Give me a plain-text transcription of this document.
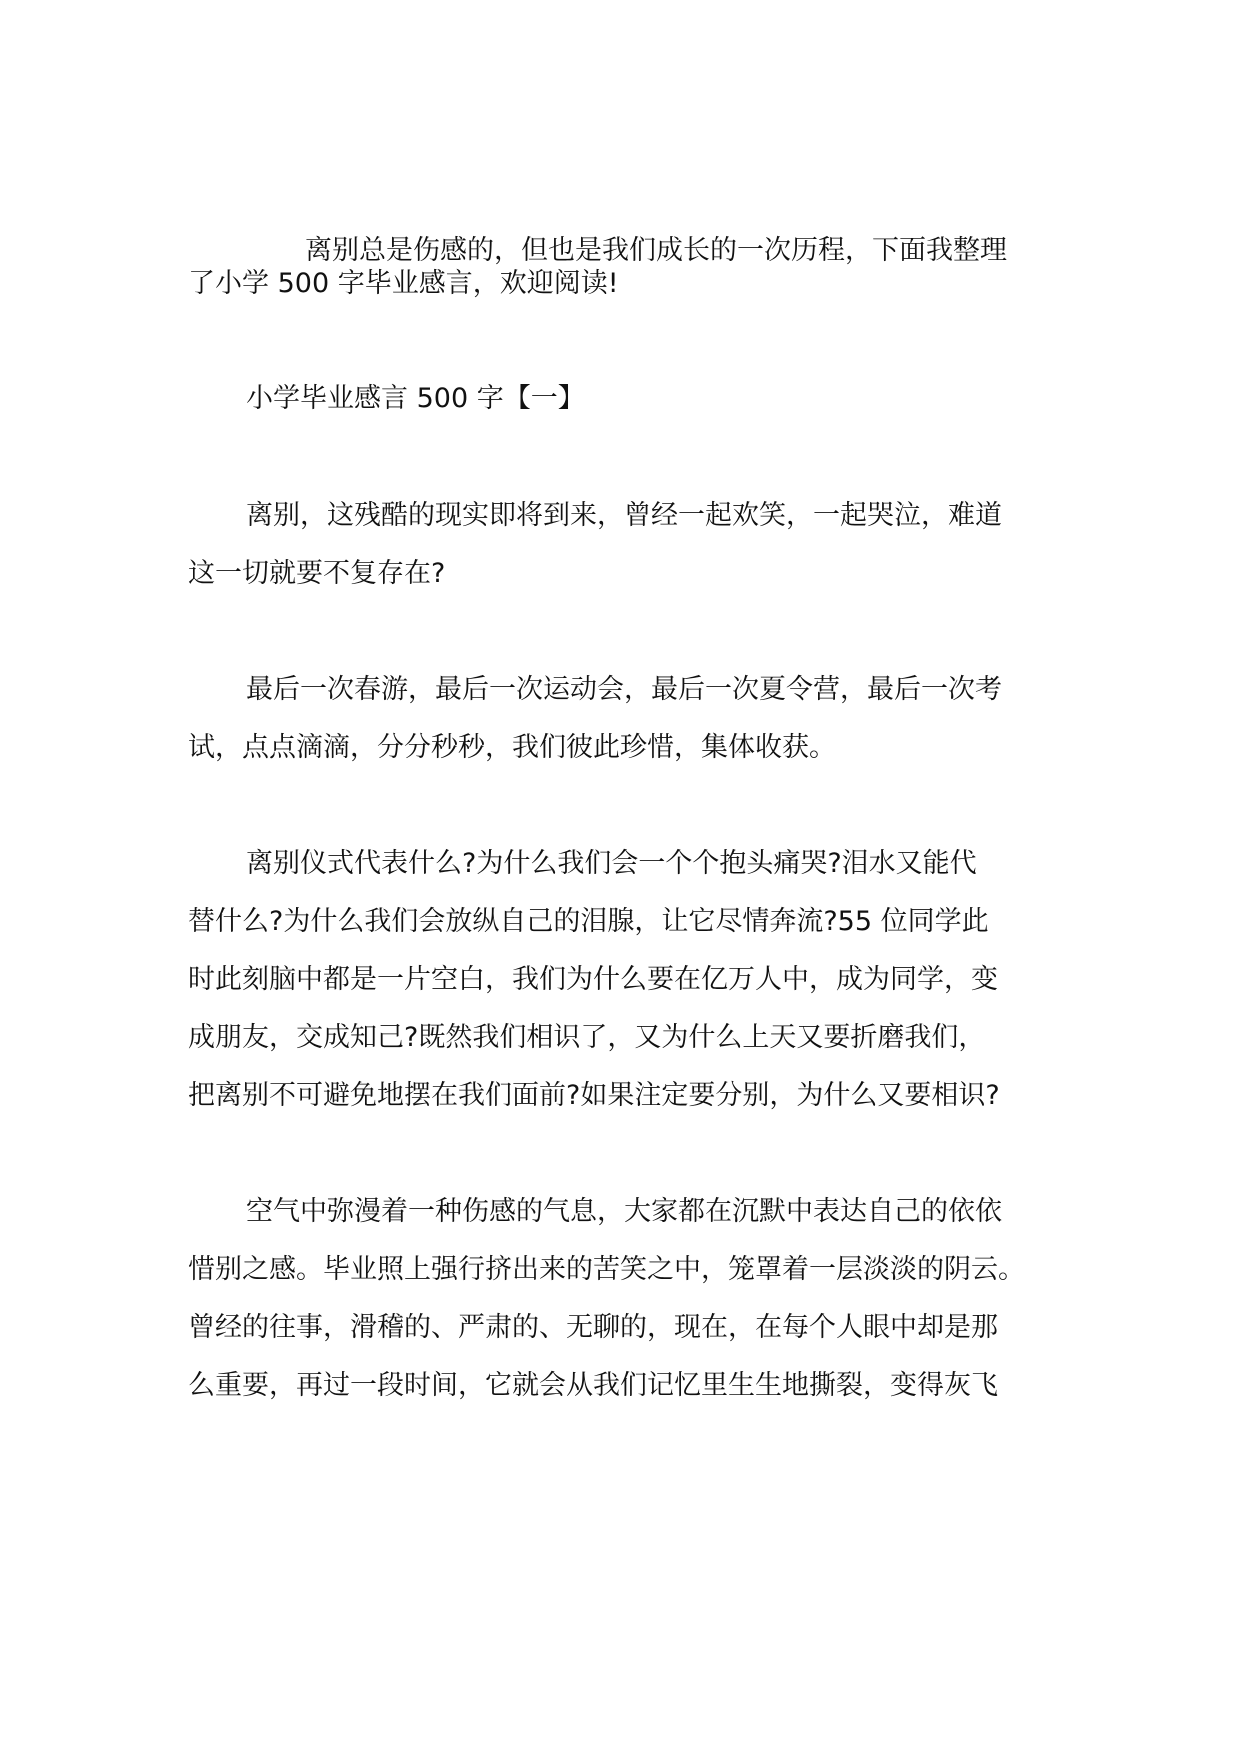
离别总是伤感的，但也是我们成长的一次历程，下面我整理
了小学 500 字毕业感言，欢迎阅读!
小学毕业感言 500 字【一】
离别，这残酷的现实即将到来，曾经一起欢笑，一起哭泣，难道
这一切就要不复存在?
最后一次春游，最后一次运动会，最后一次夏令营，最后一次考
试，点点滴滴，分分秒秒，我们彼此珍惜，集体收获。
离别仪式代表什么?为什么我们会一个个抱头痛哭?泪水又能代
替什么?为什么我们会放纵自己的泪腺，让它尽情奔流?55 位同学此
时此刻脑中都是一片空白，我们为什么要在亿万人中，成为同学，变
成朋友，交成知己?既然我们相识了，又为什么上天又要折磨我们，
把离别不可避免地摆在我们面前?如果注定要分别，为什么又要相识?
空气中弥漫着一种伤感的气息，大家都在沉默中表达自己的依依
惜别之感。毕业照上强行挤出来的苦笑之中，笼罩着一层淡淡的阴云。
曾经的往事，滑稽的、严肃的、无聊的，现在，在每个人眼中却是那
么重要，再过一段时间，它就会从我们记忆里生生地撕裂，变得灰飞
